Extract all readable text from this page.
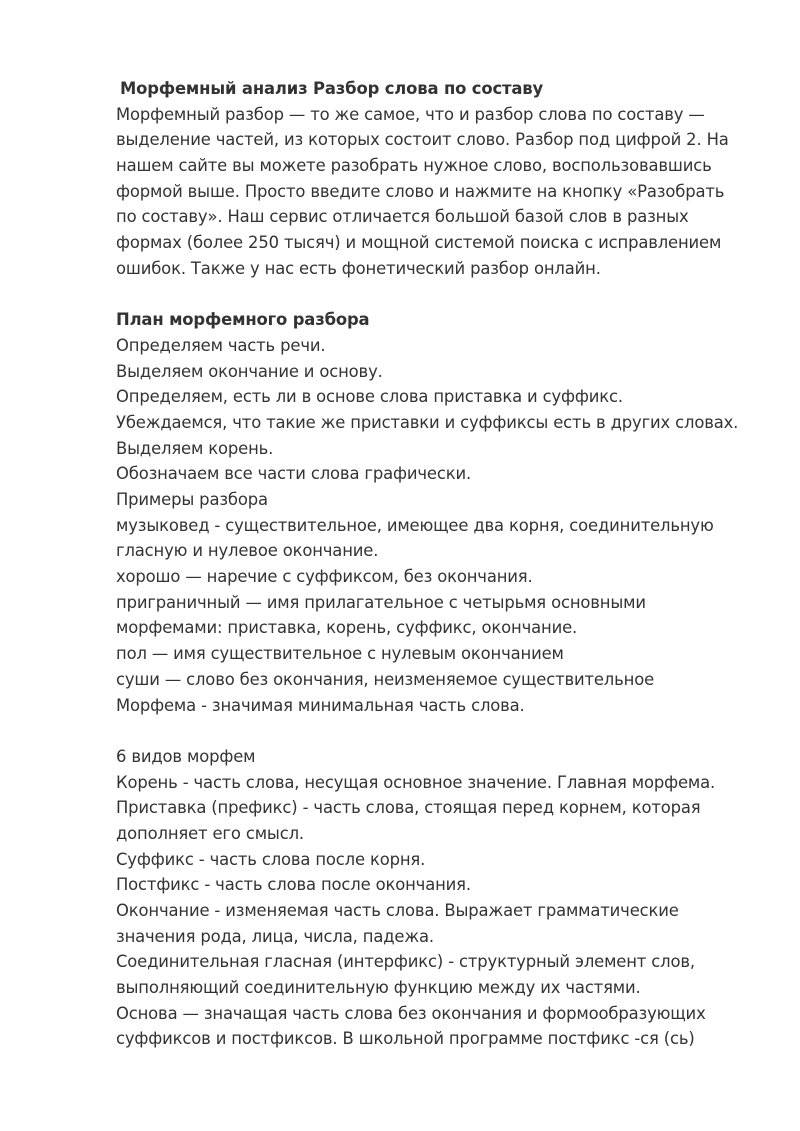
Морфемный анализ Разбор слова по составу
Морфемный разбор — то же самое, что и разбор слова по составу —
выделение частей, из которых состоит слово. Разбор под цифрой 2. На
нашем сайте вы можете разобрать нужное слово, воспользовавшись
формой выше. Просто введите слово и нажмите на кнопку «Разобрать
по составу». Наш сервис отличается большой базой слов в разных
формах (более 250 тысяч) и мощной системой поиска с исправлением
ошибок. Также у нас есть фонетический разбор онлайн.
План морфемного разбора
Определяем часть речи.
Выделяем окончание и основу.
Определяем, есть ли в основе слова приставка и суффикс.
Убеждаемся, что такие же приставки и суффиксы есть в других словах.
Выделяем корень.
Обозначаем все части слова графически.
Примеры разбора
музыковед - существительное, имеющее два корня, соединительную
гласную и нулевое окончание.
хорошо — наречие с суффиксом, без окончания.
приграничный — имя прилагательное с четырьмя основными
морфемами: приставка, корень, суффикс, окончание.
пол — имя существительное с нулевым окончанием
суши — слово без окончания, неизменяемое существительное
Морфема - значимая минимальная часть слова.
6 видов морфем
Корень - часть слова, несущая основное значение. Главная морфема.
Приставка (префикс) - часть слова, стоящая перед корнем, которая
дополняет его смысл.
Суффикс - часть слова после корня.
Постфикс - часть слова после окончания.
Окончание - изменяемая часть слова. Выражает грамматические
значения рода, лица, числа, падежа.
Соединительная гласная (интерфикс) - структурный элемент слов,
выполняющий соединительную функцию между их частями.
Основа — значащая часть слова без окончания и формообразующих
суффиксов и постфиксов. В школьной программе постфикс -ся (сь)
